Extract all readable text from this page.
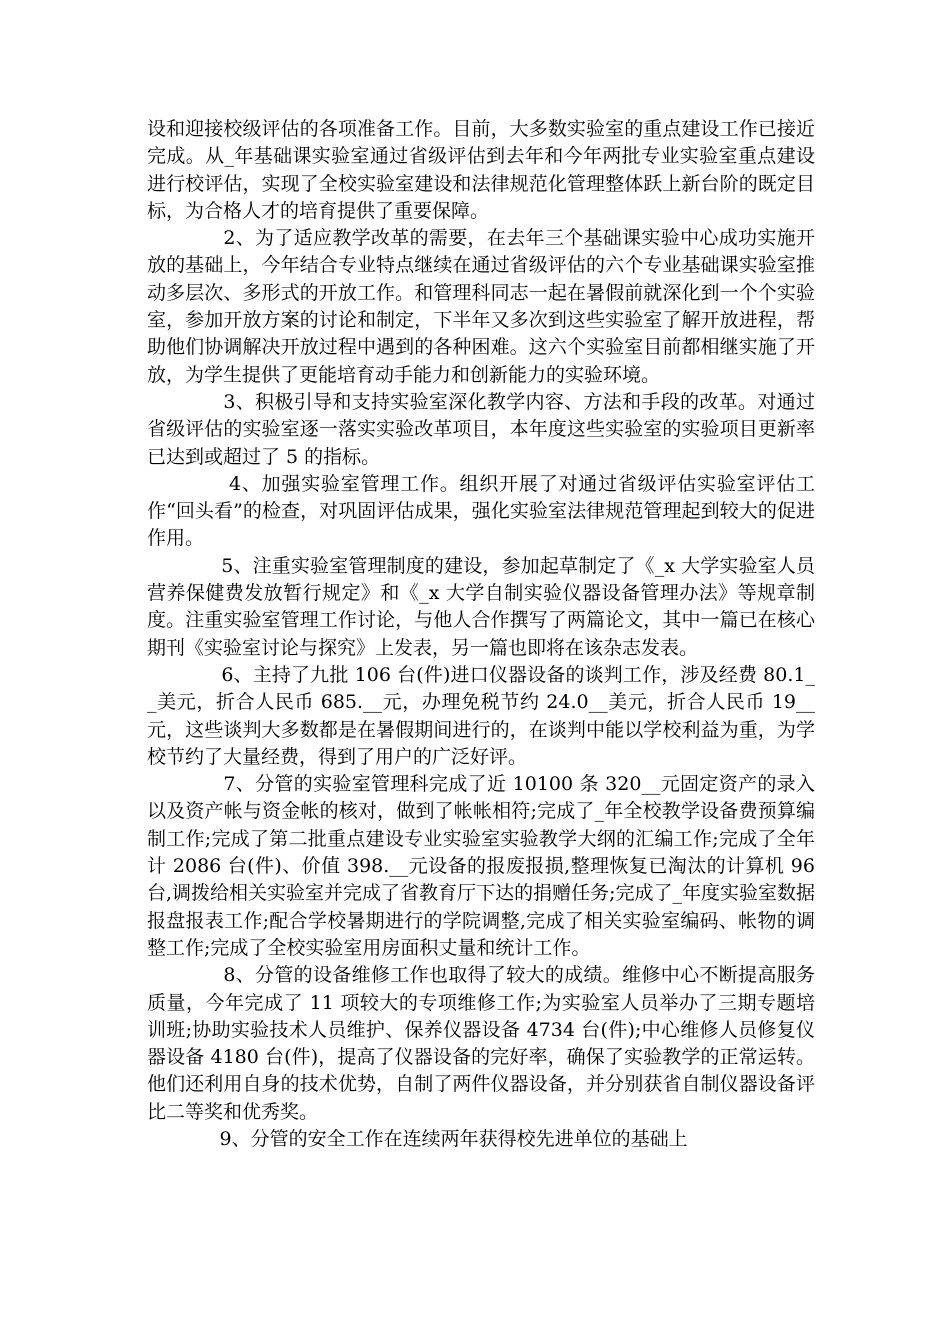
设和迎接校级评估的各项准备工作。目前，大多数实验室的重点建设工作已接近完成。从_年基础课实验室通过省级评估到去年和今年两批专业实验室重点建设进行校评估，实现了全校实验室建设和法律规范化管理整体跃上新台阶的既定目标，为合格人才的培育提供了重要保障。

2、为了适应教学改革的需要，在去年三个基础课实验中心成功实施开放的基础上，今年结合专业特点继续在通过省级评估的六个专业基础课实验室推动多层次、多形式的开放工作。和管理科同志一起在暑假前就深化到一个个实验室，参加开放方案的讨论和制定，下半年又多次到这些实验室了解开放进程，帮助他们协调解决开放过程中遇到的各种困难。这六个实验室目前都相继实施了开放，为学生提供了更能培育动手能力和创新能力的实验环境。

3、积极引导和支持实验室深化教学内容、方法和手段的改革。对通过省级评估的实验室逐一落实实验改革项目，本年度这些实验室的实验项目更新率已达到或超过了 5 的指标。

4、加强实验室管理工作。组织开展了对通过省级评估实验室评估工作“回头看”的检查，对巩固评估成果，强化实验室法律规范管理起到较大的促进作用。

5、注重实验室管理制度的建设，参加起草制定了《_x 大学实验室人员营养保健费发放暂行规定》和《_x 大学自制实验仪器设备管理办法》等规章制度。注重实验室管理工作讨论，与他人合作撰写了两篇论文，其中一篇已在核心期刊《实验室讨论与探究》上发表，另一篇也即将在该杂志发表。

6、主持了九批 106 台(件)进口仪器设备的谈判工作，涉及经费 80.1__美元，折合人民币 685.__元，办理免税节约 24.0__美元，折合人民币 19__元，这些谈判大多数都是在暑假期间进行的，在谈判中能以学校利益为重，为学校节约了大量经费，得到了用户的广泛好评。

7、分管的实验室管理科完成了近 10100 条 320__元固定资产的录入以及资产帐与资金帐的核对，做到了帐帐相符;完成了_年全校教学设备费预算编制工作;完成了第二批重点建设专业实验室实验教学大纲的汇编工作;完成了全年计 2086 台(件)、价值 398.__元设备的报废报损,整理恢复已淘汰的计算机 96 台,调拨给相关实验室并完成了省教育厅下达的捐赠任务;完成了_年度实验室数据报盘报表工作;配合学校暑期进行的学院调整,完成了相关实验室编码、帐物的调整工作;完成了全校实验室用房面积丈量和统计工作。

8、分管的设备维修工作也取得了较大的成绩。维修中心不断提高服务质量，今年完成了 11 项较大的专项维修工作;为实验室人员举办了三期专题培训班;协助实验技术人员维护、保养仪器设备 4734 台(件);中心维修人员修复仪器设备 4180 台(件)，提高了仪器设备的完好率，确保了实验教学的正常运转。他们还利用自身的技术优势，自制了两件仪器设备，并分别获省自制仪器设备评比二等奖和优秀奖。

9、分管的安全工作在连续两年获得校先进单位的基础上
